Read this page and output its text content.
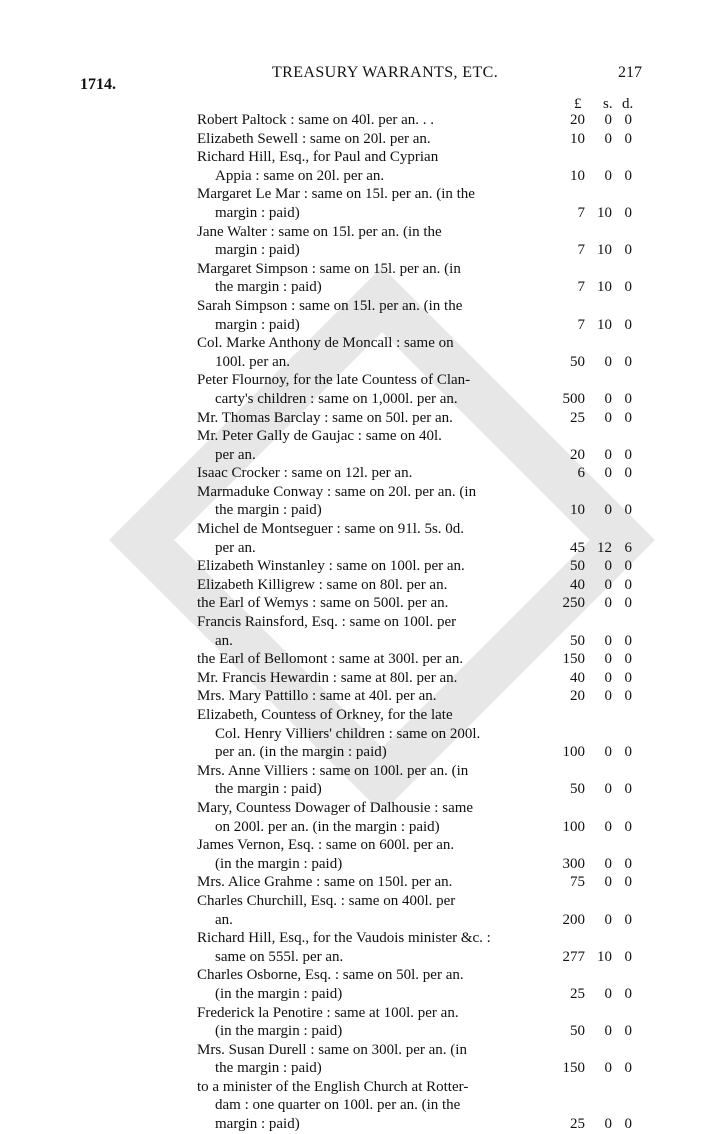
1714.
TREASURY WARRANTS, ETC.	217
£ s. d.
Robert Paltock : same on 40l. per an. . .	20	0 0
Elizabeth Sewell : same on 20l. per an.	10	0 0
Richard Hill, Esq., for Paul and Cyprian

Appia : same on 20l. per an.	10	0 0
Margaret Le Mar : same on 15l. per an. (in the

margin : paid)	7 10 0
Jane Walter : same on 15l. per an. (in the

margin : paid)	7 10 0
Margaret Simpson : same on 15l. per an. (in

the margin : paid)	7 10 0
Sarah Simpson : same on 15l. per an. (in the

margin : paid)	7 10 0
Col. Marke Anthony de Moncall : same on

100l. per an.	50	0 0
Peter Flournoy, for the late Countess of Clan-

carty's children : same on 1,000l. per an.	500	0 0
Mr. Thomas Barclay : same on 50l. per an.	25	0 0
Mr. Peter Gally de Gaujac : same on 40l.

per an.	20	0 0
Isaac Crocker : same on 12l. per an.	6	0 0
Marmaduke Conway : same on 20l. per an. (in

the margin : paid)	10	0 0
Michel de Montseguer : same on 91l. 5s. 0d.

per an.	45 12 6
Elizabeth Winstanley : same on 100l. per an.	50	0 0
Elizabeth Killigrew : same on 80l. per an.	40	0 0
the Earl of Wemys : same on 500l. per an.	250	0 0
Francis Rainsford, Esq. : same on 100l. per

an.	50	0 0
the Earl of Bellomont : same at 300l. per an.	150	0 0
Mr. Francis Hewardin : same at 80l. per an.	40	0 0
Mrs. Mary Pattillo : same at 40l. per an.	20	0 0
Elizabeth, Countess of Orkney, for the late

Col. Henry Villiers' children : same on 200l.
per an. (in the margin : paid)	100	0 0
Mrs. Anne Villiers : same on 100l. per an. (in

the margin : paid)	50	0 0
Mary, Countess Dowager of Dalhousie : same

on 200l. per an. (in the margin : paid)	100	0 0
James Vernon, Esq. : same on 600l. per an.

(in the margin : paid)	300	0 0
Mrs. Alice Grahme : same on 150l. per an.	75	0 0
Charles Churchill, Esq. : same on 400l. per

an.	200	0 0
Richard Hill, Esq., for the Vaudois minister &c. :

same on 555l. per an.	277 10 0
Charles Osborne, Esq. : same on 50l. per an.

(in the margin : paid)	25	0 0
Frederick la Penotire : same at 100l. per an.

(in the margin : paid)	50	0 0
Mrs. Susan Durell : same on 300l. per an. (in

the margin : paid)	150	0 0
to a minister of the English Church at Rotter-

dam : one quarter on 100l. per an. (in the
margin : paid)	25	0 0
